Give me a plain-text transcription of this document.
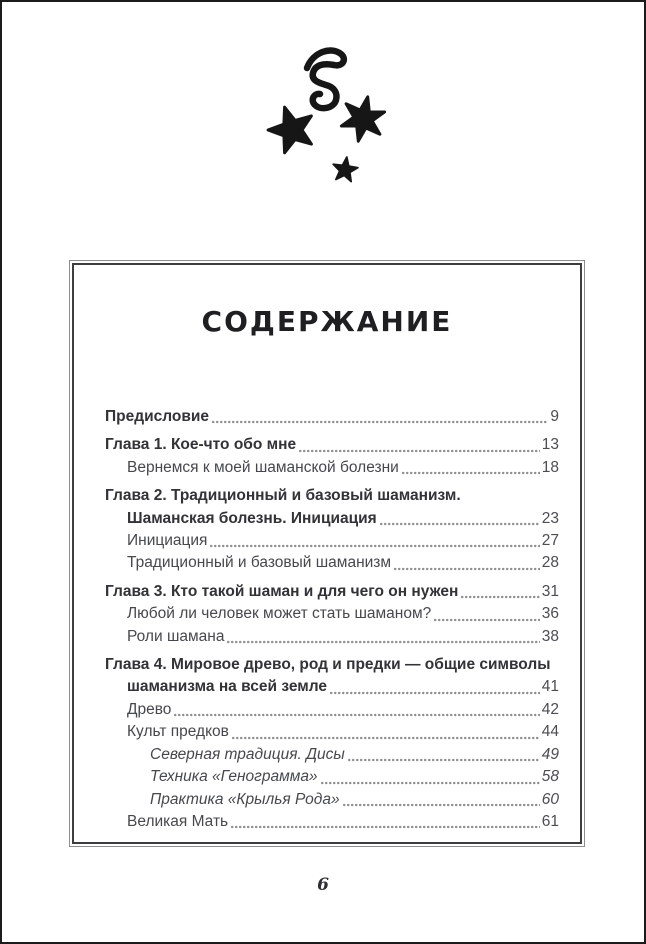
СОДЕРЖАНИЕ
Предисловие	9
Глава 1. Кое-что обо мне	13
Вернемся к моей шаманской болезни	18
Глава 2. Традиционный и базовый шаманизм.
Шаманская болезнь. Инициация	23
Инициация	27
Традиционный и базовый шаманизм	28
Глава 3. Кто такой шаман и для чего он нужен	31
Любой ли человек может стать шаманом?	36
Роли шамана	38
Глава 4. Мировое древо, род и предки — общие символы
шаманизма на всей земле	41
Древо	42
Культ предков	44
Северная традиция. Дисы	49
Техника «Генограмма»	58
Практика «Крылья Рода»	60
Великая Мать	61
6
